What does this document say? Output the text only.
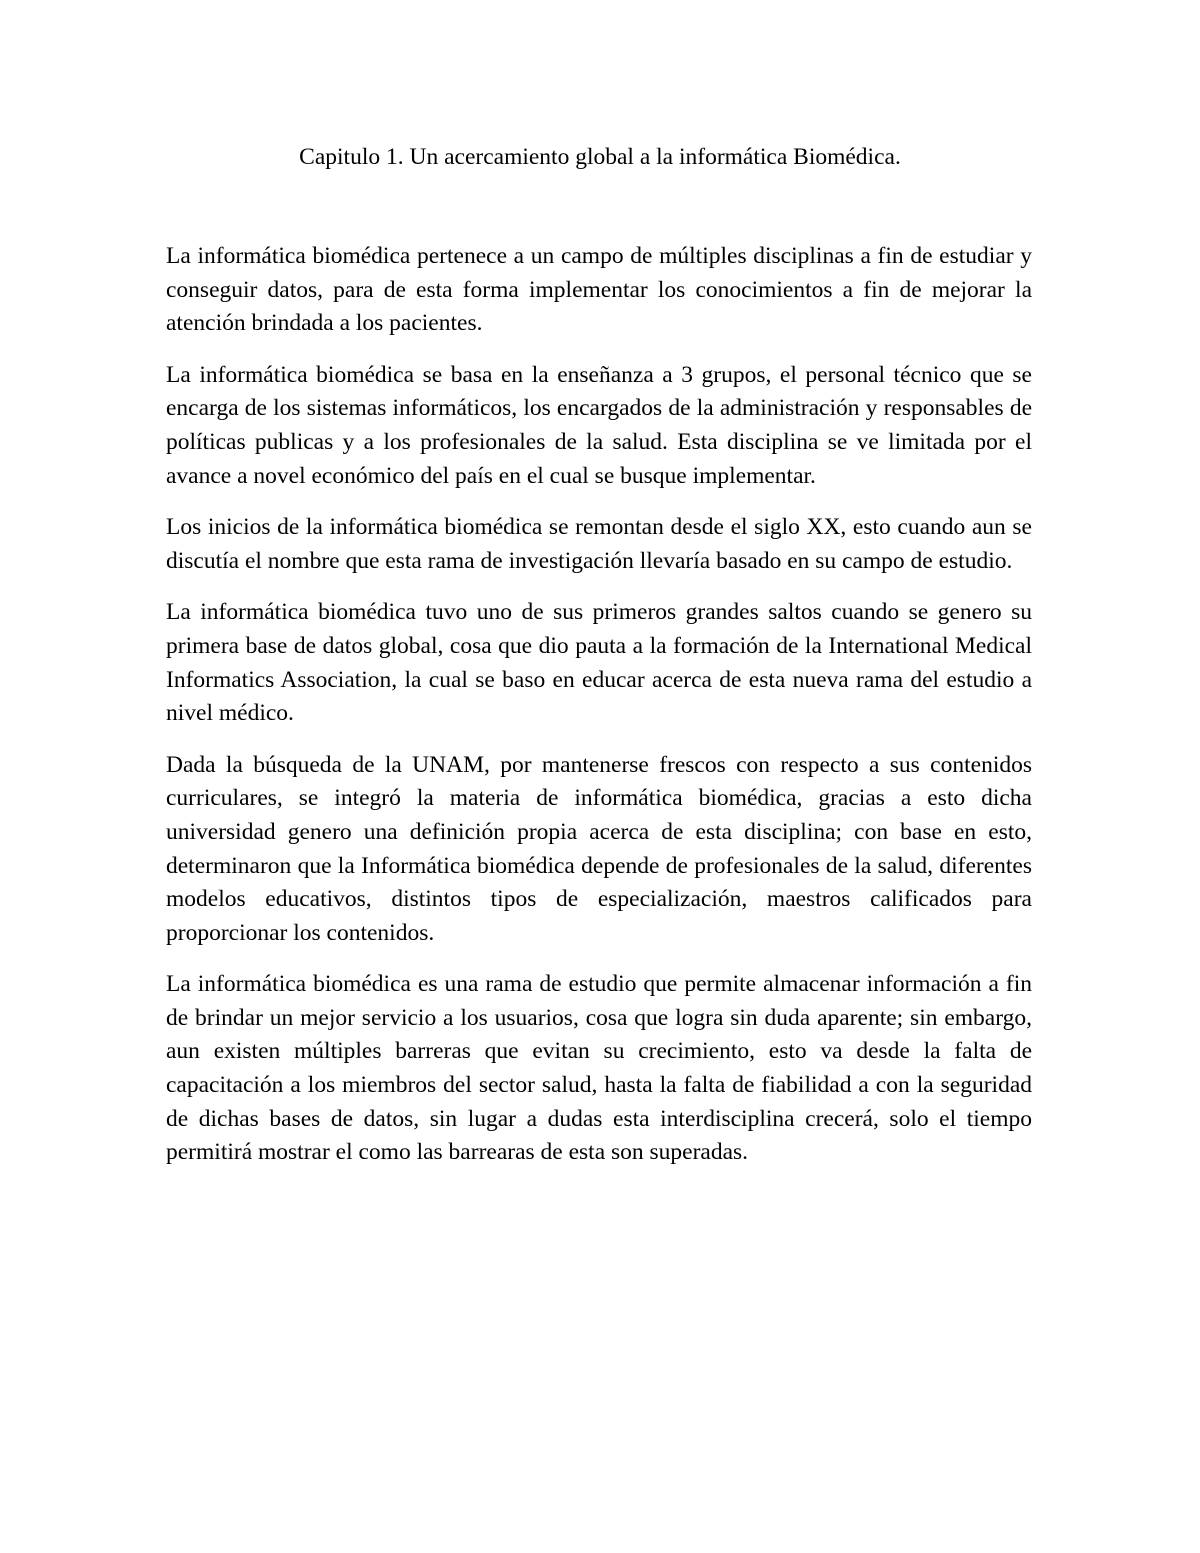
Capitulo 1. Un acercamiento global a la informática Biomédica.

La informática biomédica pertenece a un campo de múltiples disciplinas a fin de estudiar y conseguir datos, para de esta forma implementar los conocimientos a fin de mejorar la atención brindada a los pacientes.

La informática biomédica se basa en la enseñanza a 3 grupos, el personal técnico que se encarga de los sistemas informáticos, los encargados de la administración y responsables de políticas publicas y a los profesionales de la salud. Esta disciplina se ve limitada por el avance a novel económico del país en el cual se busque implementar.

Los inicios de la informática biomédica se remontan desde el siglo XX, esto cuando aun se discutía el nombre que esta rama de investigación llevaría basado en su campo de estudio.

La informática biomédica tuvo uno de sus primeros grandes saltos cuando se genero su primera base de datos global, cosa que dio pauta a la formación de la International Medical Informatics Association, la cual se baso en educar acerca de esta nueva rama del estudio a nivel médico.

Dada la búsqueda de la UNAM, por mantenerse frescos con respecto a sus contenidos curriculares, se integró la materia de informática biomédica, gracias a esto dicha universidad genero una definición propia acerca de esta disciplina; con base en esto, determinaron que la Informática biomédica depende de profesionales de la salud, diferentes modelos educativos, distintos tipos de especialización, maestros calificados para proporcionar los contenidos.

La informática biomédica es una rama de estudio que permite almacenar información a fin de brindar un mejor servicio a los usuarios, cosa que logra sin duda aparente; sin embargo, aun existen múltiples barreras que evitan su crecimiento, esto va desde la falta de capacitación a los miembros del sector salud, hasta la falta de fiabilidad a con la seguridad de dichas bases de datos, sin lugar a dudas esta interdisciplina crecerá, solo el tiempo permitirá mostrar el como las barrearas de esta son superadas.
